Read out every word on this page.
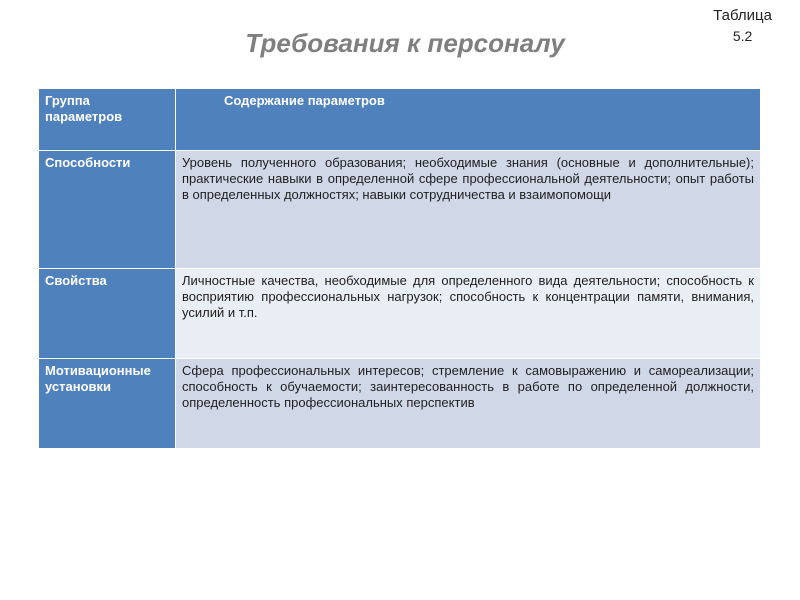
Таблица
5.2
Требования к персоналу
Группа параметров	Содержание параметров
Способности	Уровень полученного образования; необходимые знания (основные и дополнительные); практические навыки в определенной сфере профессиональной деятельности; опыт работы в определенных должностях; навыки сотрудничества и взаимопомощи
Свойства	Личностные качества, необходимые для определенного вида деятельности; способность к восприятию профессиональных нагрузок; способность к концентрации памяти, внимания, усилий и т.п.
Мотивационные установки	Сфера профессиональных интересов; стремление к самовыражению и самореализации; способность к обучаемости; заинтересованность в работе по определенной должности, определенность профессиональных перспектив
